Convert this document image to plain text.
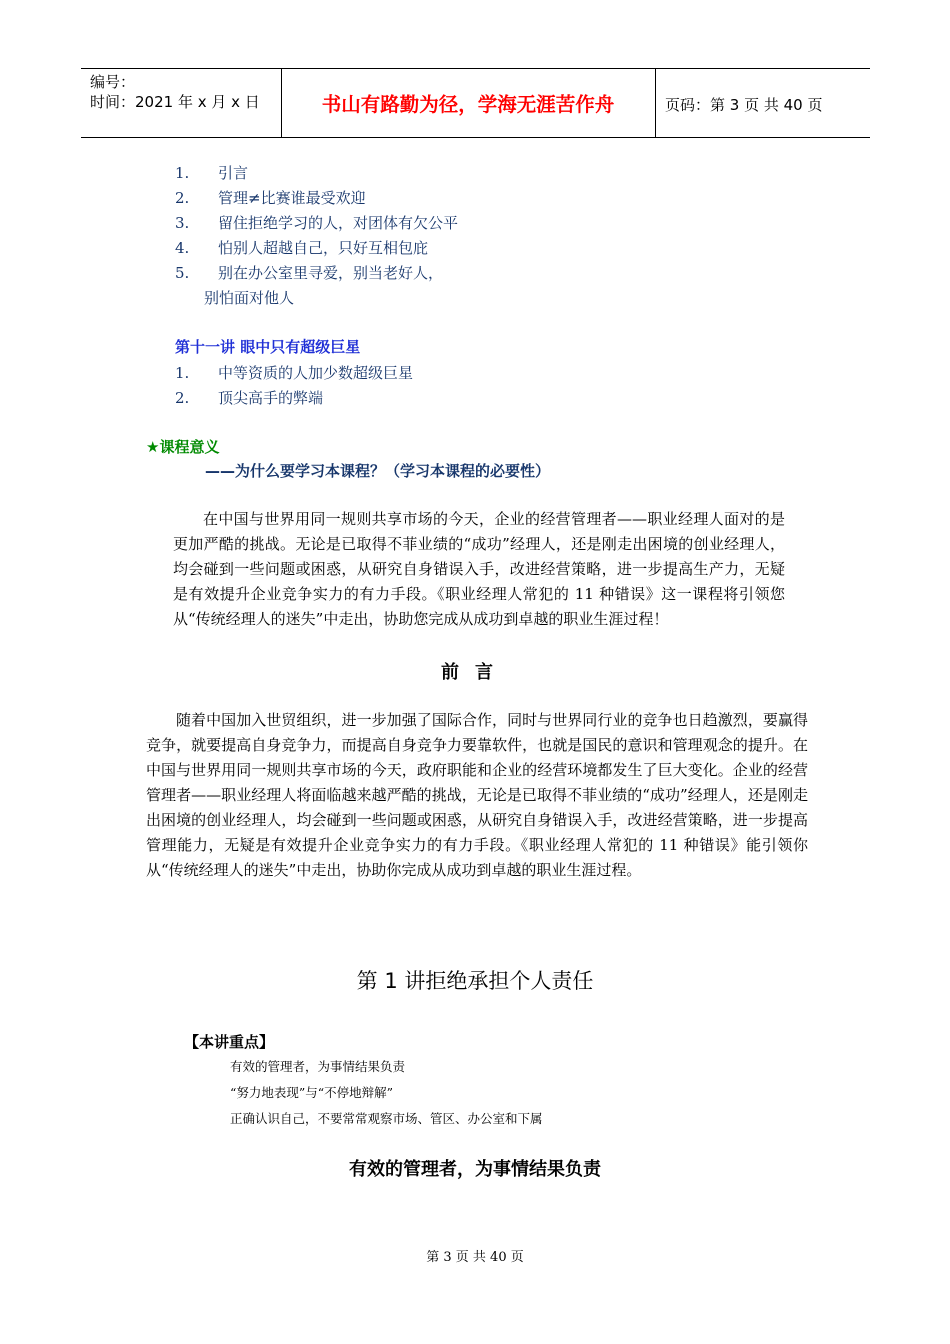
编号：
时间：2021 年 x 月 x 日	书山有路勤为径，学海无涯苦作舟	页码：第 3 页 共 40 页
1. 引言
2. 管理≠比赛谁最受欢迎
3. 留住拒绝学习的人，对团体有欠公平
4. 怕别人超越自己，只好互相包庇
5. 别在办公室里寻爱，别当老好人，
别怕面对他人
第十一讲 眼中只有超级巨星
1. 中等资质的人加少数超级巨星
2. 顶尖高手的弊端
★课程意义
——为什么要学习本课程？（学习本课程的必要性）
在中国与世界用同一规则共享市场的今天，企业的经营管理者——职业经理人面对的是更加严酷的挑战。无论是已取得不菲业绩的“成功”经理人，还是刚走出困境的创业经理人，均会碰到一些问题或困惑，从研究自身错误入手，改进经营策略，进一步提高生产力，无疑是有效提升企业竞争实力的有力手段。《职业经理人常犯的 11 种错误》这一课程将引领您从“传统经理人的迷失”中走出，协助您完成从成功到卓越的职业生涯过程！
前言
随着中国加入世贸组织，进一步加强了国际合作，同时与世界同行业的竞争也日趋激烈，要赢得竞争，就要提高自身竞争力，而提高自身竞争力要靠软件，也就是国民的意识和管理观念的提升。在中国与世界用同一规则共享市场的今天，政府职能和企业的经营环境都发生了巨大变化。企业的经营管理者——职业经理人将面临越来越严酷的挑战，无论是已取得不菲业绩的“成功”经理人，还是刚走出困境的创业经理人，均会碰到一些问题或困惑，从研究自身错误入手，改进经营策略，进一步提高管理能力，无疑是有效提升企业竞争实力的有力手段。《职业经理人常犯的 11 种错误》能引领你从“传统经理人的迷失”中走出，协助你完成从成功到卓越的职业生涯过程。
第 1 讲拒绝承担个人责任
【本讲重点】
有效的管理者，为事情结果负责
“努力地表现”与“不停地辩解”
正确认识自己，不要常常观察市场、管区、办公室和下属
有效的管理者，为事情结果负责
第 3 页 共 40 页
